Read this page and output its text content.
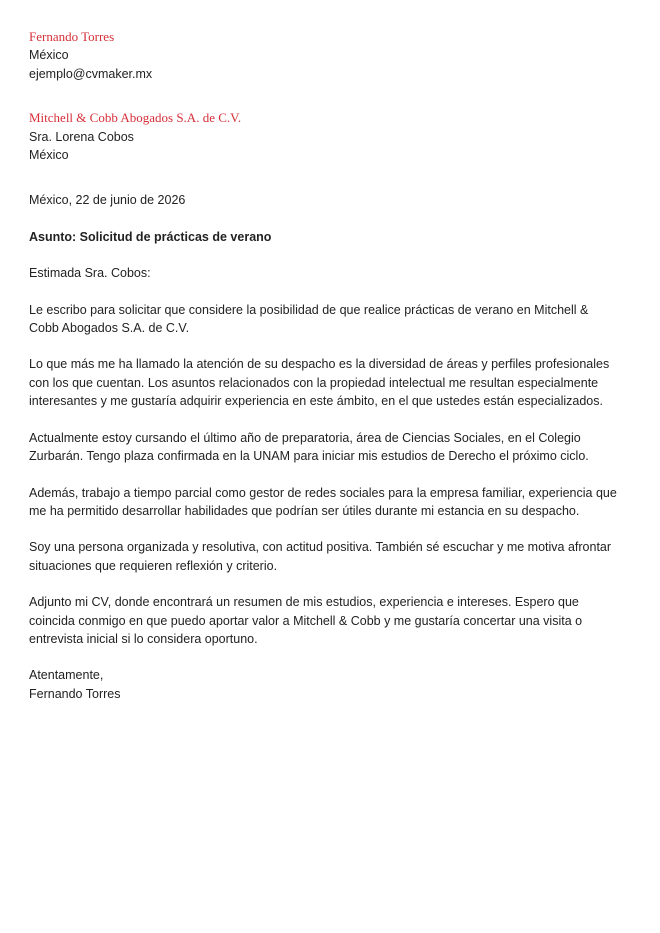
Fernando Torres
México
ejemplo@cvmaker.mx
Mitchell & Cobb Abogados S.A. de C.V.
Sra. Lorena Cobos
México
México, 22 de junio de 2026
Asunto: Solicitud de prácticas de verano
Estimada Sra. Cobos:

Le escribo para solicitar que considere la posibilidad de que realice prácticas de verano en Mitchell & Cobb Abogados S.A. de C.V.

Lo que más me ha llamado la atención de su despacho es la diversidad de áreas y perfiles profesionales con los que cuentan. Los asuntos relacionados con la propiedad intelectual me resultan especialmente interesantes y me gustaría adquirir experiencia en este ámbito, en el que ustedes están especializados.

Actualmente estoy cursando el último año de preparatoria, área de Ciencias Sociales, en el Colegio Zurbarán. Tengo plaza confirmada en la UNAM para iniciar mis estudios de Derecho el próximo ciclo.

Además, trabajo a tiempo parcial como gestor de redes sociales para la empresa familiar, experiencia que me ha permitido desarrollar habilidades que podrían ser útiles durante mi estancia en su despacho.

Soy una persona organizada y resolutiva, con actitud positiva. También sé escuchar y me motiva afrontar situaciones que requieren reflexión y criterio.

Adjunto mi CV, donde encontrará un resumen de mis estudios, experiencia e intereses. Espero que coincida conmigo en que puedo aportar valor a Mitchell & Cobb y me gustaría concertar una visita o entrevista inicial si lo considera oportuno.

Atentamente,
Fernando Torres
